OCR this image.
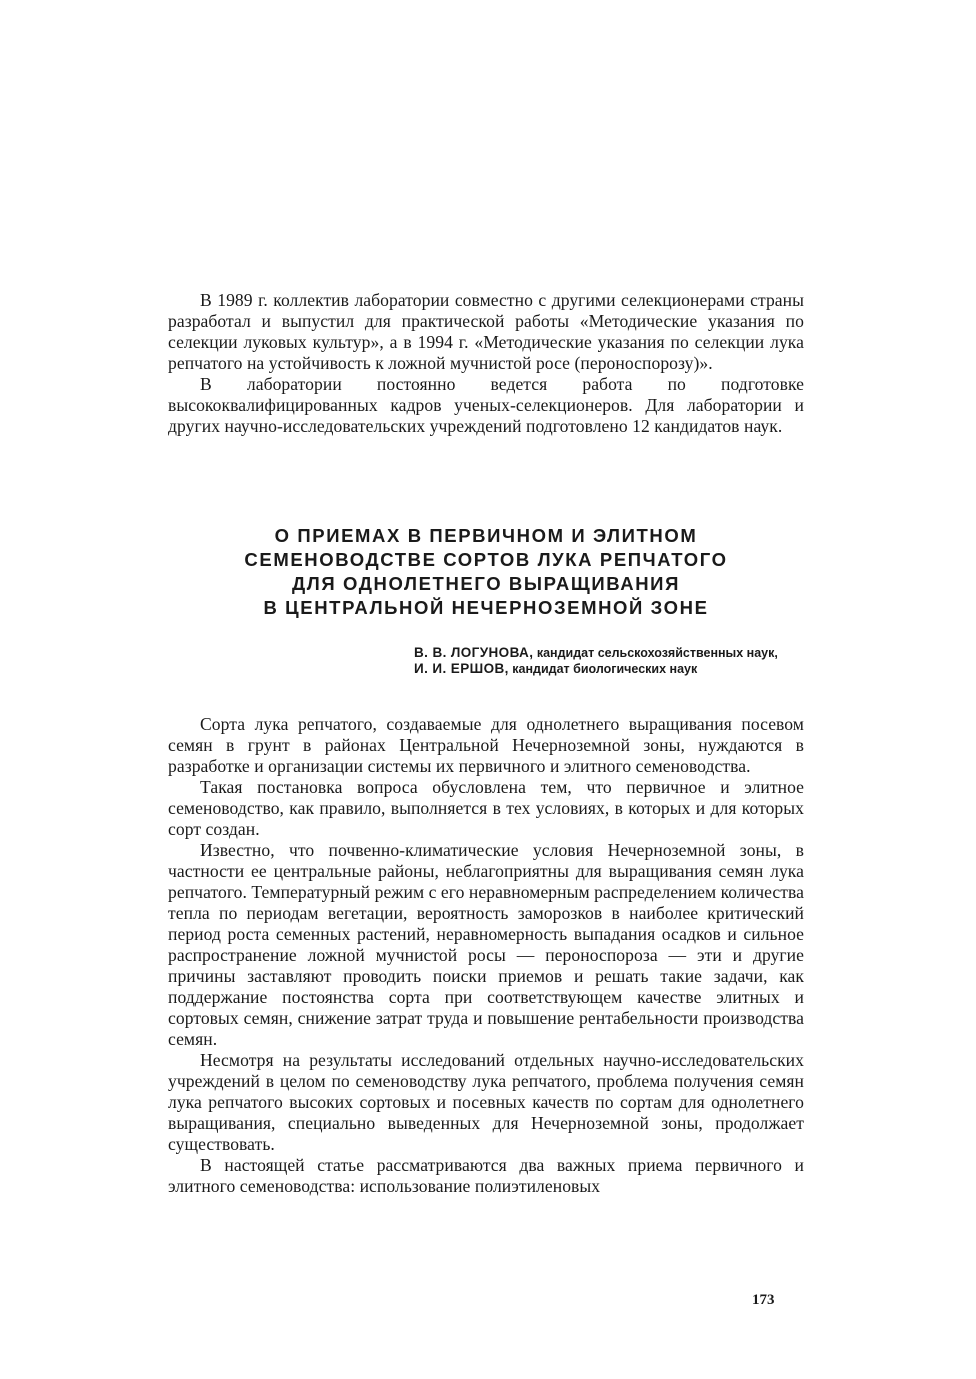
В 1989 г. коллектив лаборатории совместно с другими селекционерами страны разработал и выпустил для практической работы «Методические указания по селекции луковых культур», а в 1994 г. «Методические указания по селекции лука репчатого на устойчивость к ложной мучнистой росе (пероноспорозу)».

В лаборатории постоянно ведется работа по подготовке высококвалифицированных кадров ученых-селекционеров. Для лаборатории и других научно-исследовательских учреждений подготовлено 12 кандидатов наук.

О ПРИЕМАХ В ПЕРВИЧНОМ И ЭЛИТНОМ
СЕМЕНОВОДСТВЕ СОРТОВ ЛУКА РЕПЧАТОГО
ДЛЯ ОДНОЛЕТНЕГО ВЫРАЩИВАНИЯ
В ЦЕНТРАЛЬНОЙ НЕЧЕРНОЗЕМНОЙ ЗОНЕ
В. В. ЛОГУНОВА, кандидат сельскохозяйственных наук,
И. И. ЕРШОВ, кандидат биологических наук

Сорта лука репчатого, создаваемые для однолетнего выращивания посевом семян в грунт в районах Центральной Нечерноземной зоны, нуждаются в разработке и организации системы их первичного и элитного семеноводства.

Такая постановка вопроса обусловлена тем, что первичное и элитное семеноводство, как правило, выполняется в тех условиях, в которых и для которых сорт создан.

Известно, что почвенно-климатические условия Нечерноземной зоны, в частности ее центральные районы, неблагоприятны для выращивания семян лука репчатого. Температурный режим с его неравномерным распределением количества тепла по периодам вегетации, вероятность заморозков в наиболее критический период роста семенных растений, неравномерность выпадания осадков и сильное распространение ложной мучнистой росы — пероноспороза — эти и другие причины заставляют проводить поиски приемов и решать такие задачи, как поддержание постоянства сорта при соответствующем качестве элитных и сортовых семян, снижение затрат труда и повышение рентабельности производства семян.

Несмотря на результаты исследований отдельных научно-исследовательских учреждений в целом по семеноводству лука репчатого, проблема получения семян лука репчатого высоких сортовых и посевных качеств по сортам для однолетнего выращивания, специально выведенных для Нечерноземной зоны, продолжает существовать.

В настоящей статье рассматриваются два важных приема первичного и элитного семеноводства: использование полиэтиленовых

173
